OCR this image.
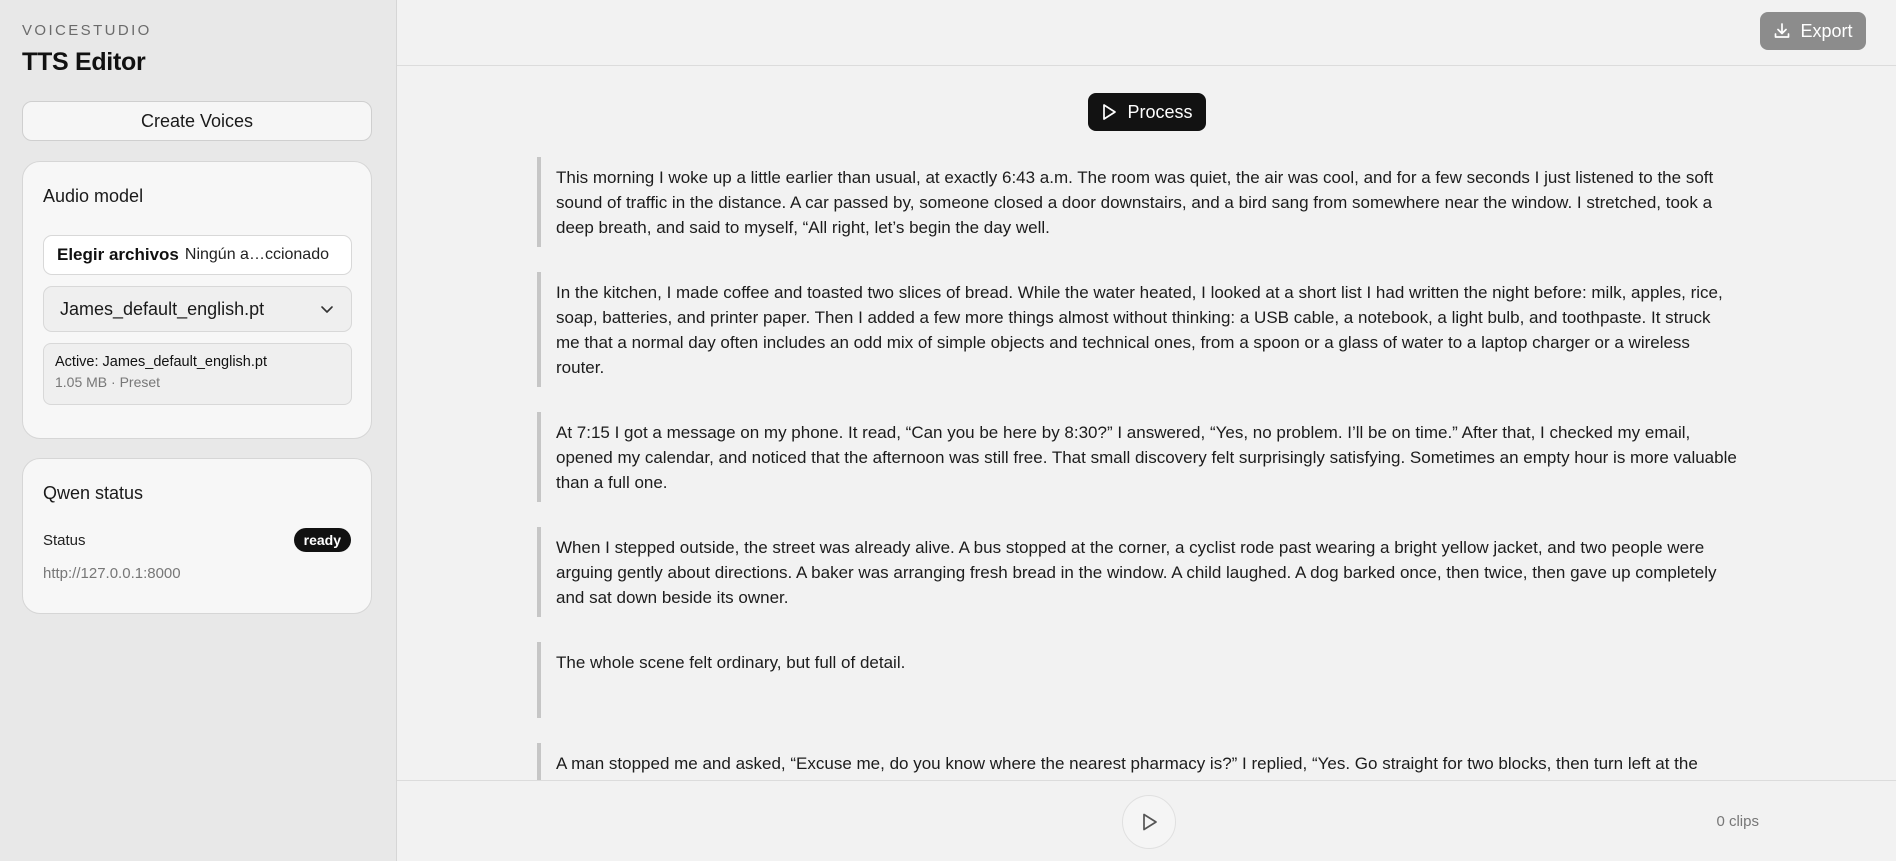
VOICESTUDIO
TTS Editor
Create Voices
Audio model
Elegir archivos Ningún a…ccionado
James_default_english.pt
Active: James_default_english.pt
1.05 MB · Preset
Qwen status
Status	ready
http://127.0.0.1:8000
Export
Process
This morning I woke up a little earlier than usual, at exactly 6:43 a.m. The room was quiet, the air was cool, and for a few seconds I just listened to the soft sound of traffic in the distance. A car passed by, someone closed a door downstairs, and a bird sang from somewhere near the window. I stretched, took a deep breath, and said to myself, “All right, let’s begin the day well.
In the kitchen, I made coffee and toasted two slices of bread. While the water heated, I looked at a short list I had written the night before: milk, apples, rice, soap, batteries, and printer paper. Then I added a few more things almost without thinking: a USB cable, a notebook, a light bulb, and toothpaste. It struck me that a normal day often includes an odd mix of simple objects and technical ones, from a spoon or a glass of water to a laptop charger or a wireless router.
At 7:15 I got a message on my phone. It read, “Can you be here by 8:30?” I answered, “Yes, no problem. I’ll be on time.” After that, I checked my email, opened my calendar, and noticed that the afternoon was still free. That small discovery felt surprisingly satisfying. Sometimes an empty hour is more valuable than a full one.
When I stepped outside, the street was already alive. A bus stopped at the corner, a cyclist rode past wearing a bright yellow jacket, and two people were arguing gently about directions. A baker was arranging fresh bread in the window. A child laughed. A dog barked once, then twice, then gave up completely and sat down beside its owner.
The whole scene felt ordinary, but full of detail.
A man stopped me and asked, “Excuse me, do you know where the nearest pharmacy is?” I replied, “Yes. Go straight for two blocks, then turn left at the
0 clips
